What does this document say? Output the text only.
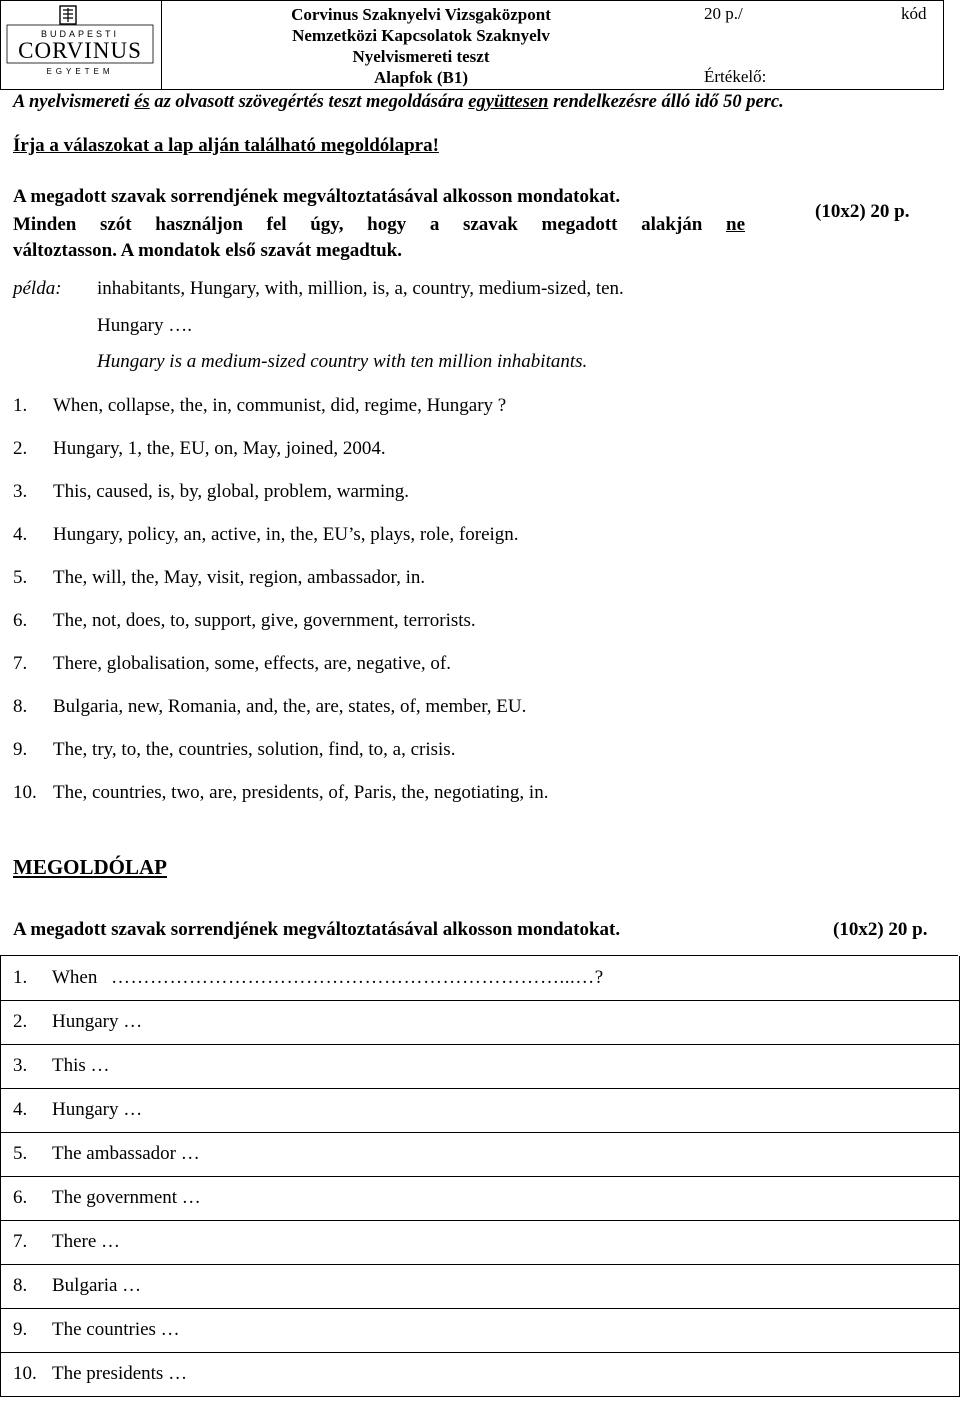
BUDAPESTI
CORVINUS
EGYETEM
Corvinus Szaknyelvi Vizsgaközpont
Nemzetközi Kapcsolatok Szaknyelv
Nyelvismereti teszt
Alapfok (B1)
20 p./	kód
Értékelő:
A nyelvismereti és az olvasott szövegértés teszt megoldására együttesen rendelkezésre álló idő 50 perc.
Írja a válaszokat a lap alján található megoldólapra!
A megadott szavak sorrendjének megváltoztatásával alkosson mondatokat.
Minden szót használjon fel úgy, hogy a szavak megadott alakján ne
változtasson. A mondatok első szavát megadtuk.
(10x2) 20 p.
példa: inhabitants, Hungary, with, million, is, a, country, medium-sized, ten.
Hungary ….
Hungary is a medium-sized country with ten million inhabitants.
1. When, collapse, the, in, communist, did, regime, Hungary ?
2. Hungary, 1, the, EU, on, May, joined, 2004.
3. This, caused, is, by, global, problem, warming.
4. Hungary, policy, an, active, in, the, EU’s, plays, role, foreign.
5. The, will, the, May, visit, region, ambassador, in.
6. The, not, does, to, support, give, government, terrorists.
7. There, globalisation, some, effects, are, negative, of.
8. Bulgaria, new, Romania, and, the, are, states, of, member, EU.
9. The, try, to, the, countries, solution, find, to, a, crisis.
10. The, countries, two, are, presidents, of, Paris, the, negotiating, in.
MEGOLDÓLAP
A megadott szavak sorrendjének megváltoztatásával alkosson mondatokat.	(10x2) 20 p.
1. When ……………………………………………………………...…?
2. Hungary …
3. This …
4. Hungary …
5. The ambassador …
6. The government …
7. There …
8. Bulgaria …
9. The countries …
10. The presidents …
